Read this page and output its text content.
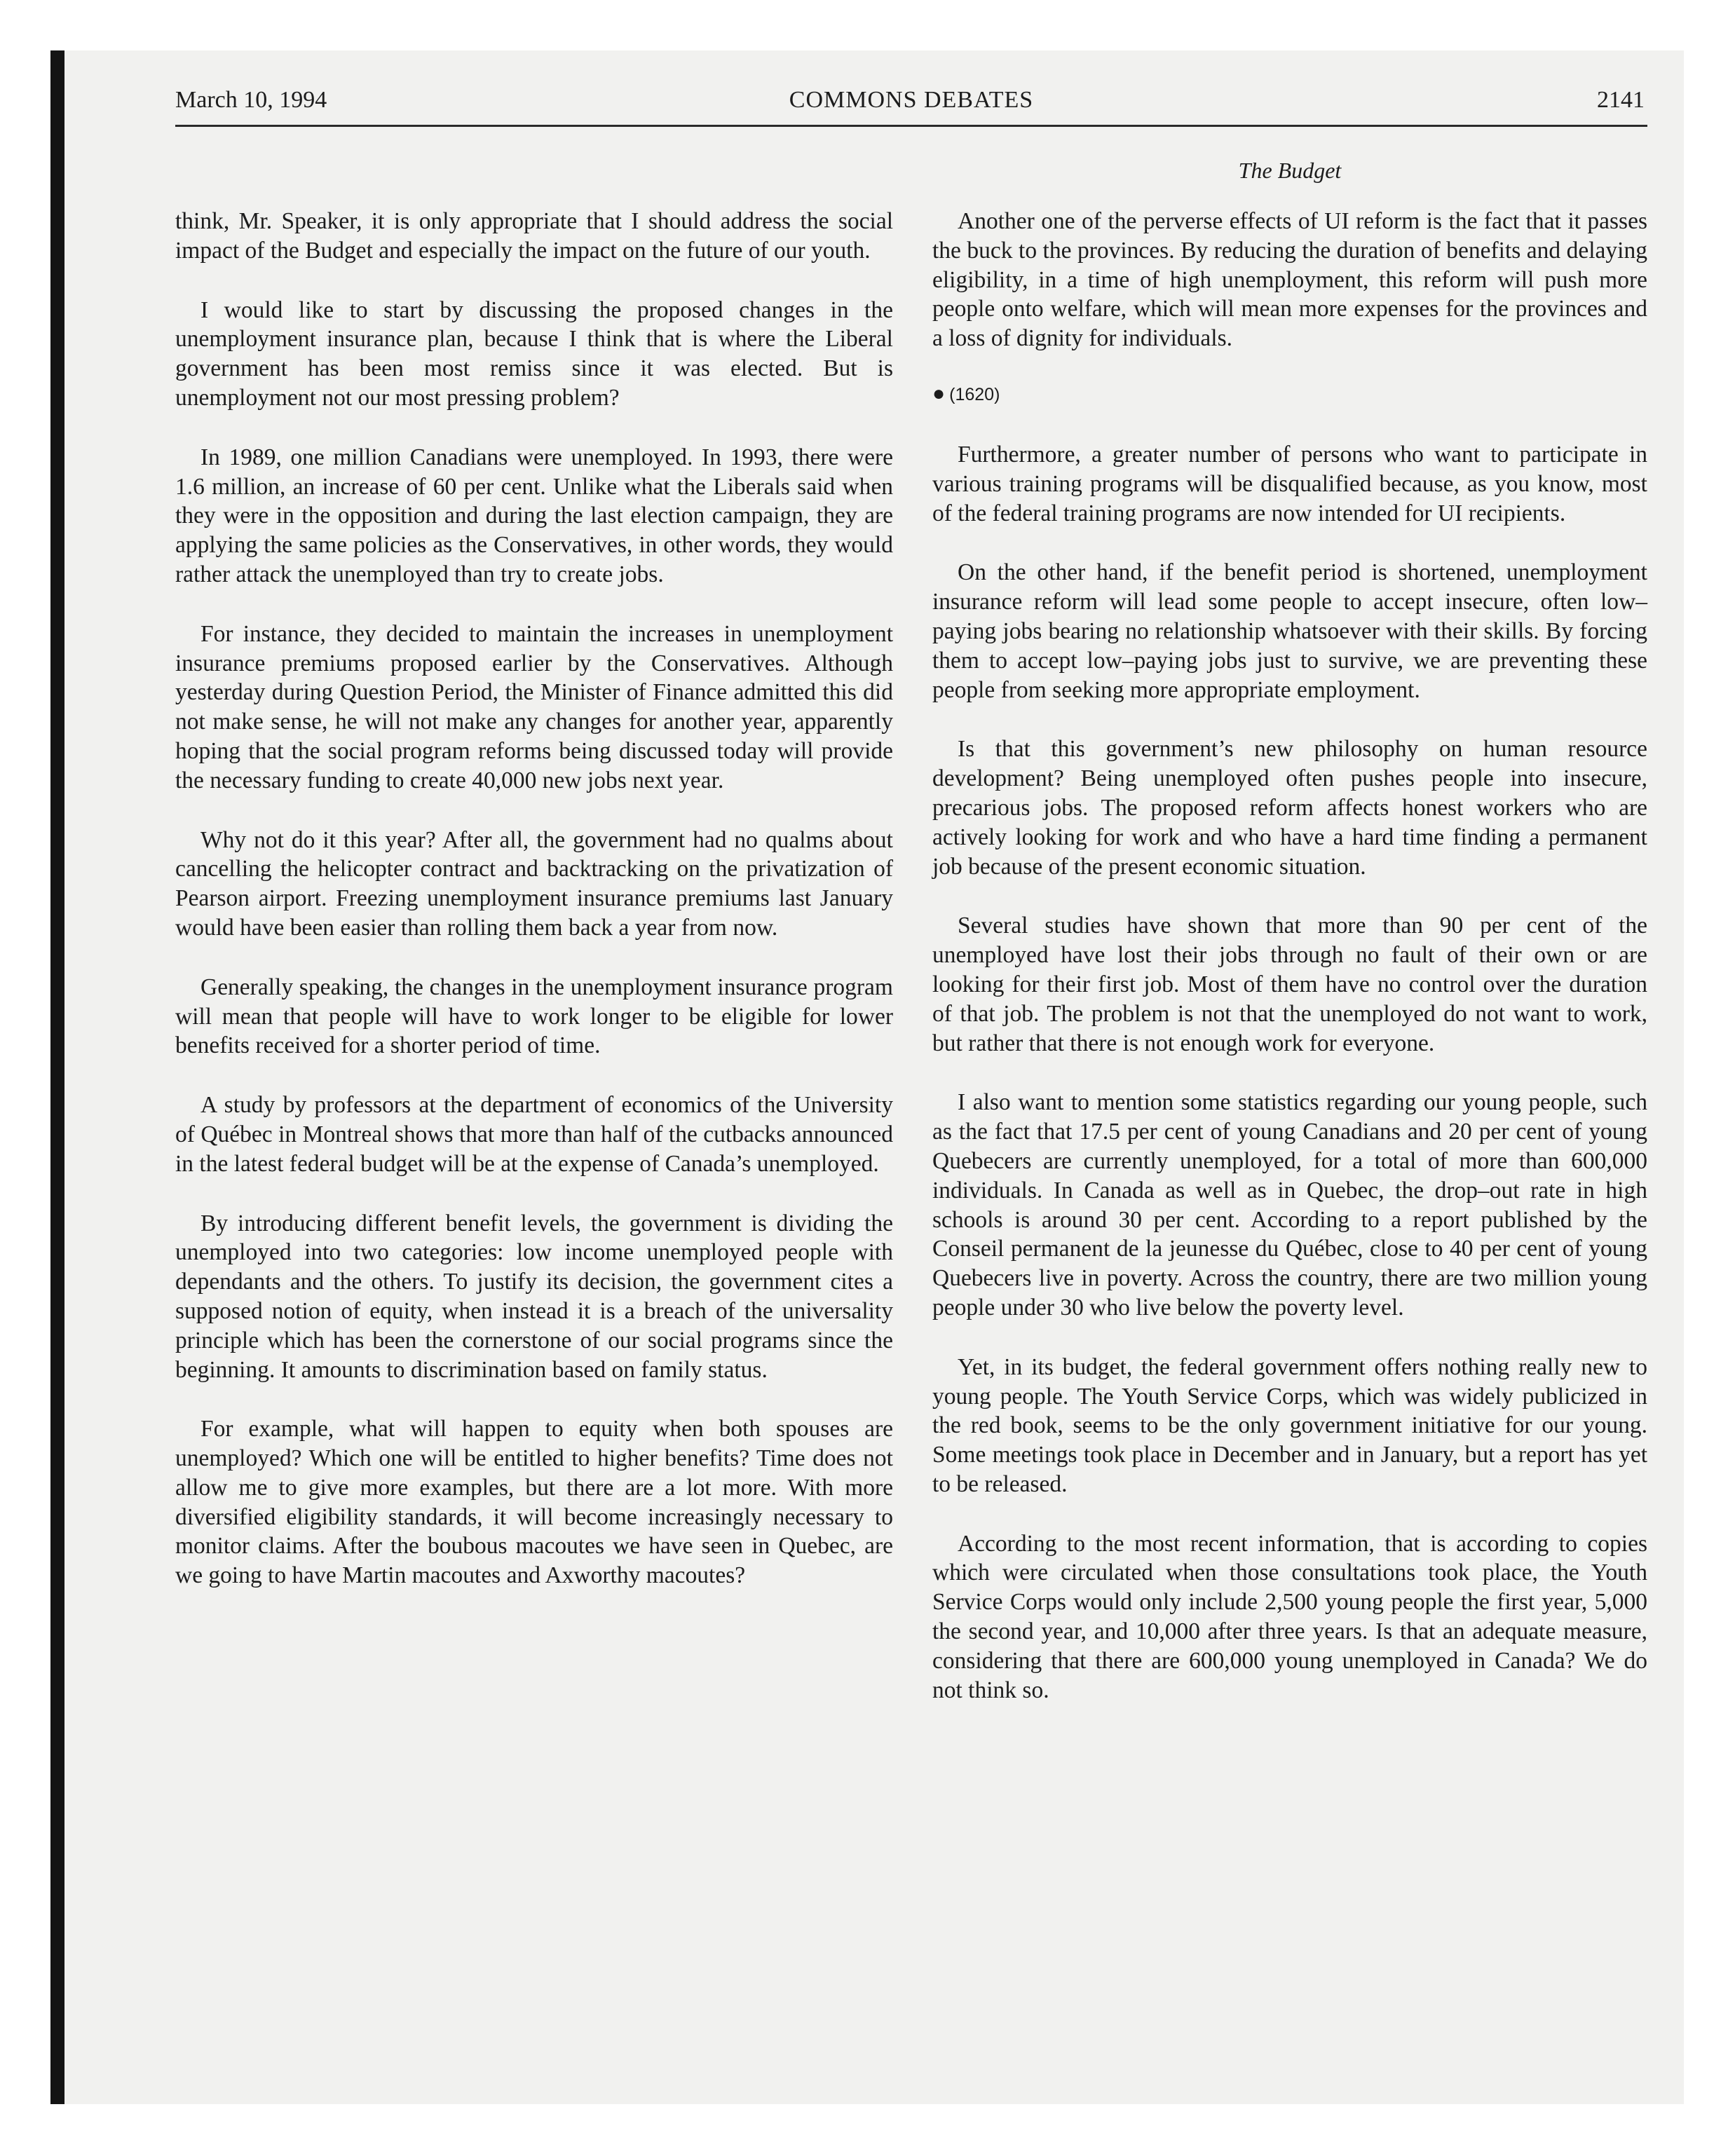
March 10, 1994	COMMONS DEBATES	2141
The Budget

think, Mr. Speaker, it is only appropriate that I should address the social impact of the Budget and especially the impact on the future of our youth.

I would like to start by discussing the proposed changes in the unemployment insurance plan, because I think that is where the Liberal government has been most remiss since it was elected. But is unemployment not our most pressing problem?

In 1989, one million Canadians were unemployed. In 1993, there were 1.6 million, an increase of 60 per cent. Unlike what the Liberals said when they were in the opposition and during the last election campaign, they are applying the same policies as the Conservatives, in other words, they would rather attack the unemployed than try to create jobs.

For instance, they decided to maintain the increases in unemployment insurance premiums proposed earlier by the Conservatives. Although yesterday during Question Period, the Minister of Finance admitted this did not make sense, he will not make any changes for another year, apparently hoping that the social program reforms being discussed today will provide the necessary funding to create 40,000 new jobs next year.

Why not do it this year? After all, the government had no qualms about cancelling the helicopter contract and backtracking on the privatization of Pearson airport. Freezing unemployment insurance premiums last January would have been easier than rolling them back a year from now.

Generally speaking, the changes in the unemployment insurance program will mean that people will have to work longer to be eligible for lower benefits received for a shorter period of time.

A study by professors at the department of economics of the University of Québec in Montreal shows that more than half of the cutbacks announced in the latest federal budget will be at the expense of Canada’s unemployed.

By introducing different benefit levels, the government is dividing the unemployed into two categories: low income unemployed people with dependants and the others. To justify its decision, the government cites a supposed notion of equity, when instead it is a breach of the universality principle which has been the cornerstone of our social programs since the beginning. It amounts to discrimination based on family status.

For example, what will happen to equity when both spouses are unemployed? Which one will be entitled to higher benefits? Time does not allow me to give more examples, but there are a lot more. With more diversified eligibility standards, it will become increasingly necessary to monitor claims. After the boubous macoutes we have seen in Quebec, are we going to have Martin macoutes and Axworthy macoutes?

Another one of the perverse effects of UI reform is the fact that it passes the buck to the provinces. By reducing the duration of benefits and delaying eligibility, in a time of high unemployment, this reform will push more people onto welfare, which will mean more expenses for the provinces and a loss of dignity for individuals.

● (1620)

Furthermore, a greater number of persons who want to participate in various training programs will be disqualified because, as you know, most of the federal training programs are now intended for UI recipients.

On the other hand, if the benefit period is shortened, unemployment insurance reform will lead some people to accept insecure, often low–paying jobs bearing no relationship whatsoever with their skills. By forcing them to accept low–paying jobs just to survive, we are preventing these people from seeking more appropriate employment.

Is that this government’s new philosophy on human resource development? Being unemployed often pushes people into insecure, precarious jobs. The proposed reform affects honest workers who are actively looking for work and who have a hard time finding a permanent job because of the present economic situation.

Several studies have shown that more than 90 per cent of the unemployed have lost their jobs through no fault of their own or are looking for their first job. Most of them have no control over the duration of that job. The problem is not that the unemployed do not want to work, but rather that there is not enough work for everyone.

I also want to mention some statistics regarding our young people, such as the fact that 17.5 per cent of young Canadians and 20 per cent of young Quebecers are currently unemployed, for a total of more than 600,000 individuals. In Canada as well as in Quebec, the drop–out rate in high schools is around 30 per cent. According to a report published by the Conseil permanent de la jeunesse du Québec, close to 40 per cent of young Quebecers live in poverty. Across the country, there are two million young people under 30 who live below the poverty level.

Yet, in its budget, the federal government offers nothing really new to young people. The Youth Service Corps, which was widely publicized in the red book, seems to be the only government initiative for our young. Some meetings took place in December and in January, but a report has yet to be released.

According to the most recent information, that is according to copies which were circulated when those consultations took place, the Youth Service Corps would only include 2,500 young people the first year, 5,000 the second year, and 10,000 after three years. Is that an adequate measure, considering that there are 600,000 young unemployed in Canada? We do not think so.
